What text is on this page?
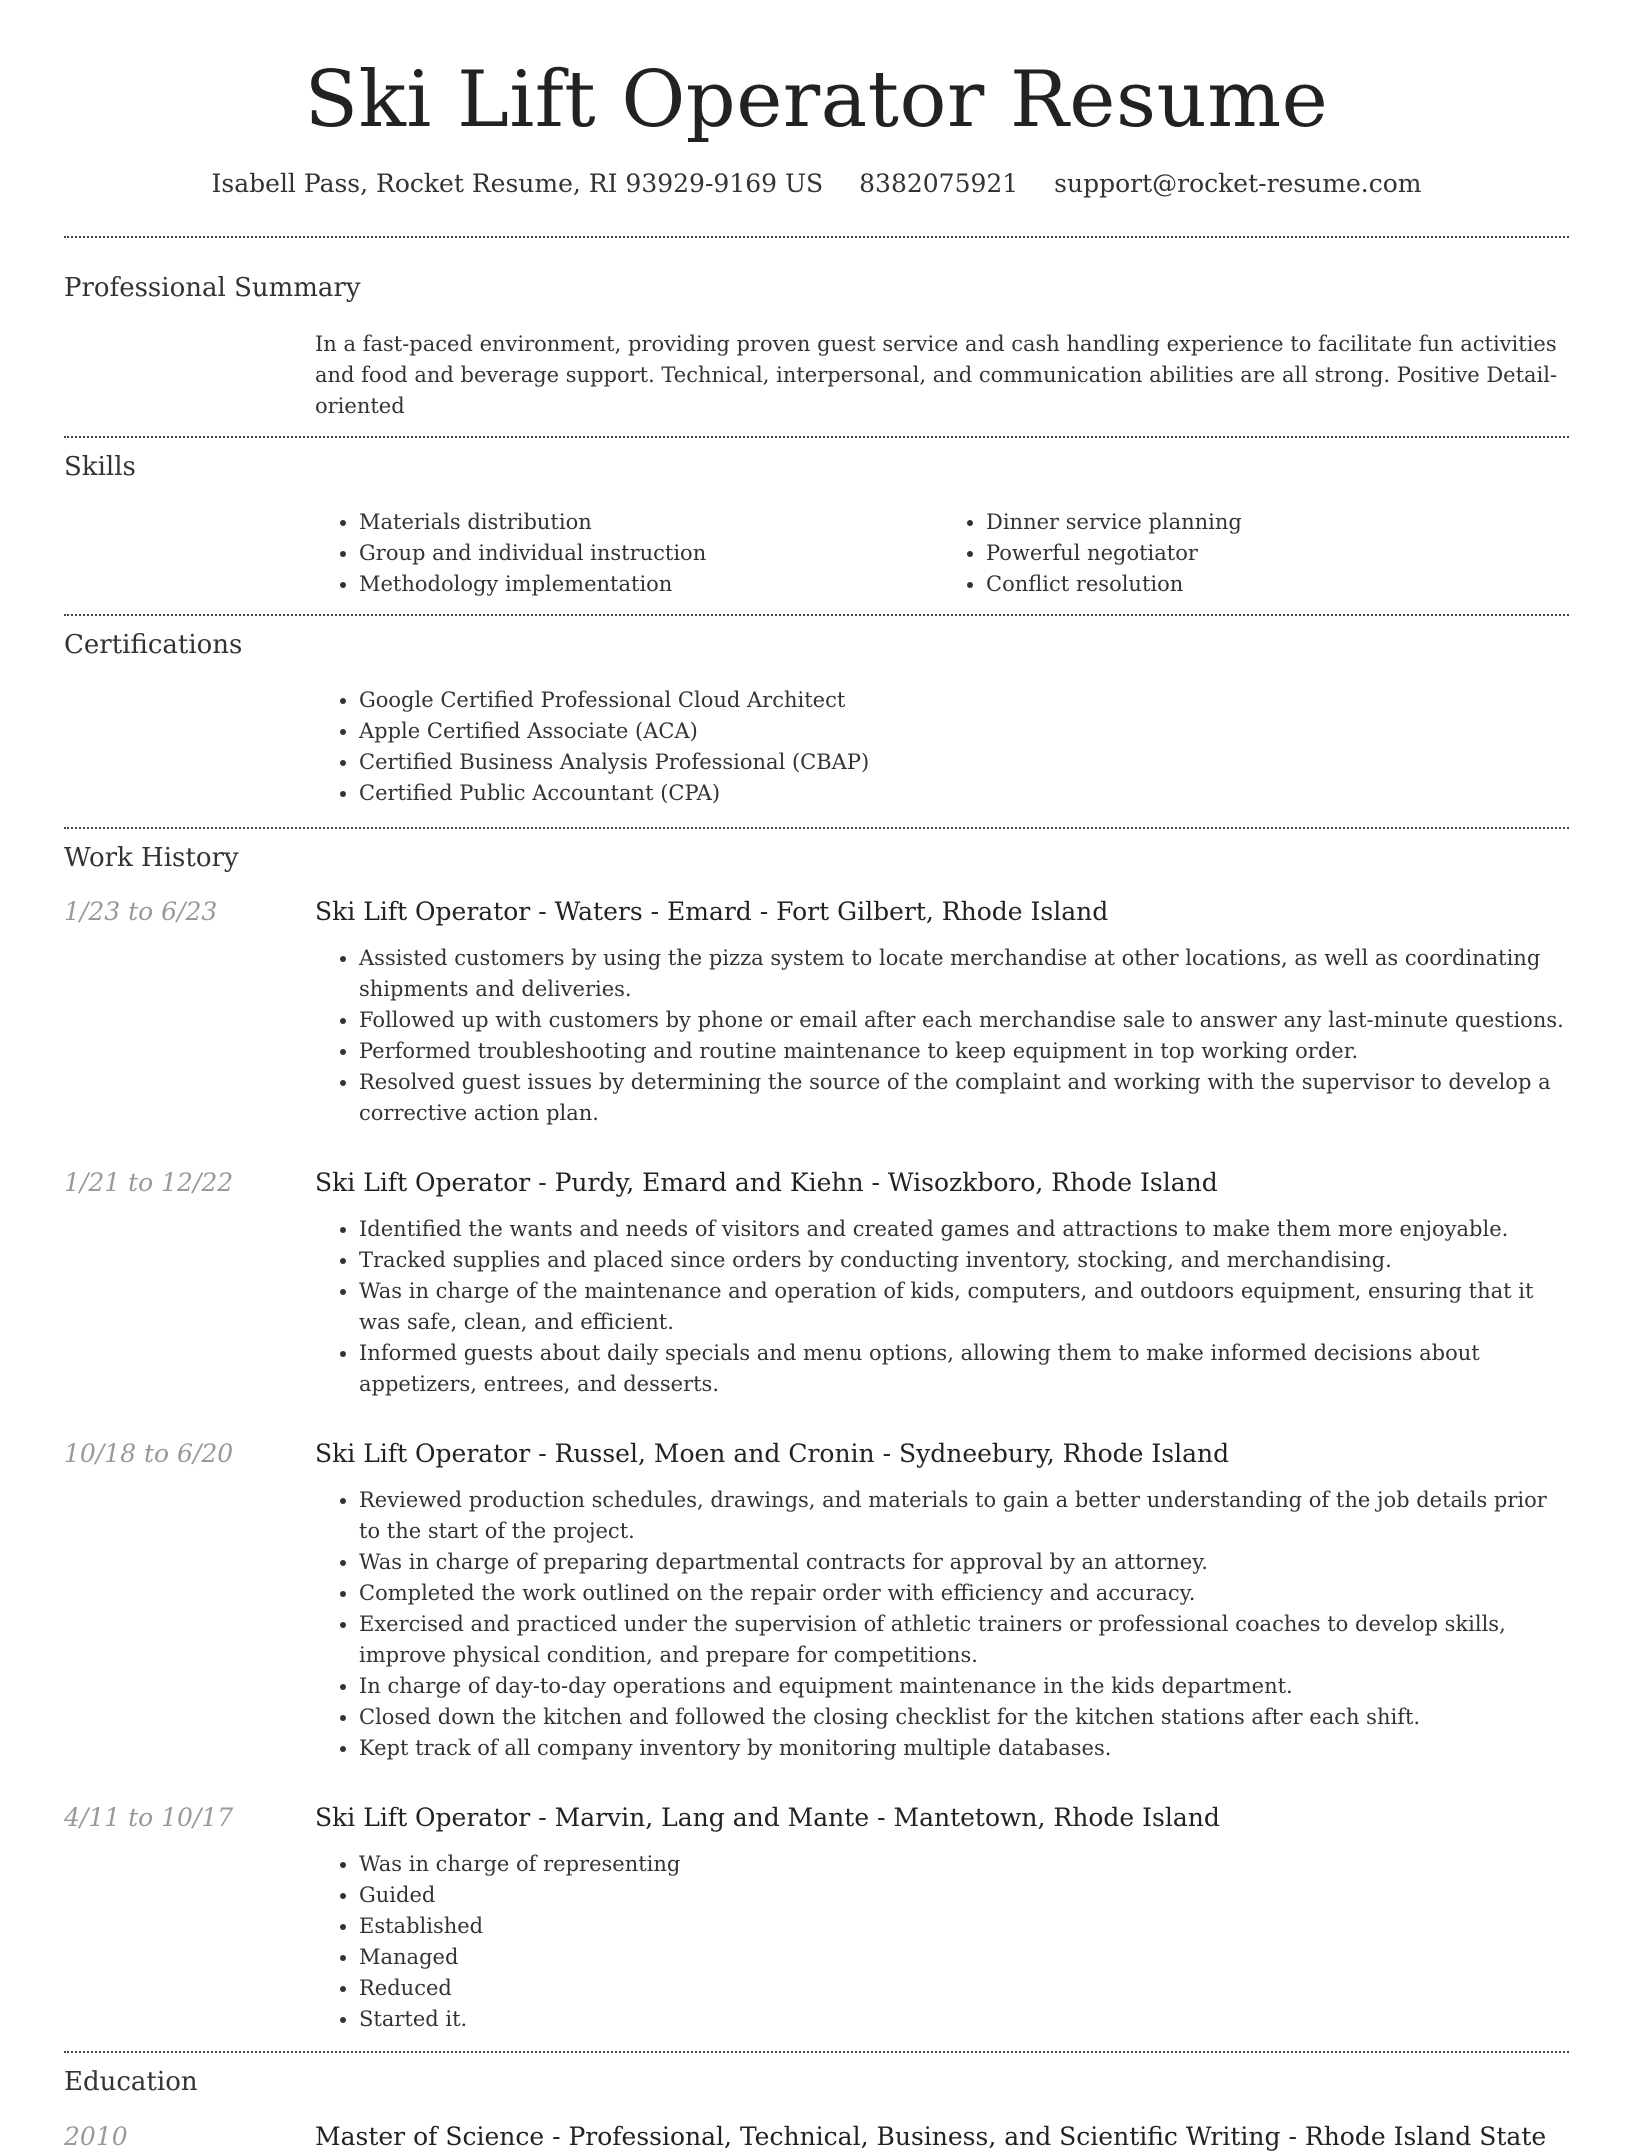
Ski Lift Operator Resume
Isabell Pass, Rocket Resume, RI 93929-9169 US 8382075921 support@rocket-resume.com
Professional Summary
In a fast-paced environment, providing proven guest service and cash handling experience to facilitate fun activities and food and beverage support. Technical, interpersonal, and communication abilities are all strong. Positive Detail-oriented
Skills
• Materials distribution
• Group and individual instruction
• Methodology implementation
• Dinner service planning
• Powerful negotiator
• Conflict resolution
Certifications
• Google Certified Professional Cloud Architect
• Apple Certified Associate (ACA)
• Certified Business Analysis Professional (CBAP)
• Certified Public Accountant (CPA)
Work History
1/23 to 6/23	Ski Lift Operator - Waters - Emard - Fort Gilbert, Rhode Island
• Assisted customers by using the pizza system to locate merchandise at other locations, as well as coordinating shipments and deliveries.
• Followed up with customers by phone or email after each merchandise sale to answer any last-minute questions.
• Performed troubleshooting and routine maintenance to keep equipment in top working order.
• Resolved guest issues by determining the source of the complaint and working with the supervisor to develop a corrective action plan.
1/21 to 12/22	Ski Lift Operator - Purdy, Emard and Kiehn - Wisozkboro, Rhode Island
• Identified the wants and needs of visitors and created games and attractions to make them more enjoyable.
• Tracked supplies and placed since orders by conducting inventory, stocking, and merchandising.
• Was in charge of the maintenance and operation of kids, computers, and outdoors equipment, ensuring that it was safe, clean, and efficient.
• Informed guests about daily specials and menu options, allowing them to make informed decisions about appetizers, entrees, and desserts.
10/18 to 6/20	Ski Lift Operator - Russel, Moen and Cronin - Sydneebury, Rhode Island
• Reviewed production schedules, drawings, and materials to gain a better understanding of the job details prior to the start of the project.
• Was in charge of preparing departmental contracts for approval by an attorney.
• Completed the work outlined on the repair order with efficiency and accuracy.
• Exercised and practiced under the supervision of athletic trainers or professional coaches to develop skills, improve physical condition, and prepare for competitions.
• In charge of day-to-day operations and equipment maintenance in the kids department.
• Closed down the kitchen and followed the closing checklist for the kitchen stations after each shift.
• Kept track of all company inventory by monitoring multiple databases.
4/11 to 10/17	Ski Lift Operator - Marvin, Lang and Mante - Mantetown, Rhode Island
• Was in charge of representing
• Guided
• Established
• Managed
• Reduced
• Started it.
Education
2010	Master of Science - Professional, Technical, Business, and Scientific Writing - Rhode Island State
